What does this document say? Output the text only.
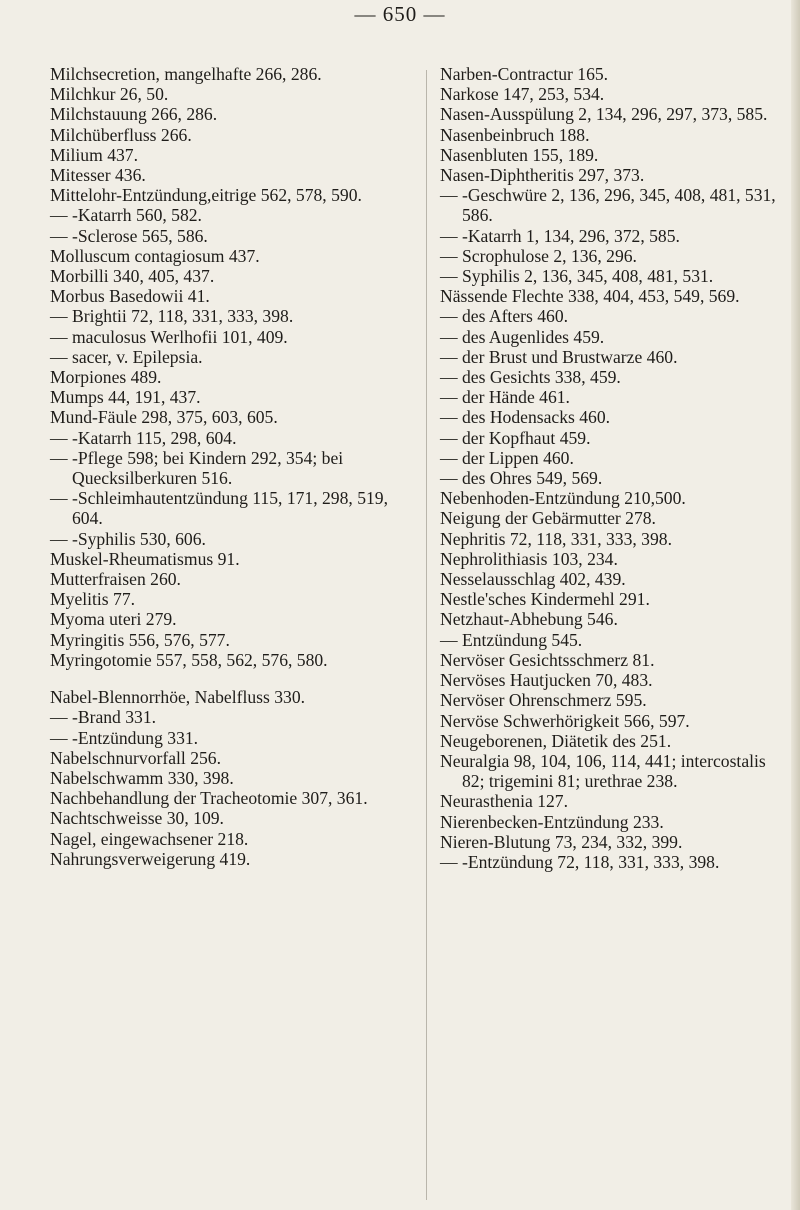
— 650 —
Milchsecretion, mangelhafte 266, 286.
Milchkur 26, 50.
Milchstauung 266, 286.
Milchüberfluss 266.
Milium 437.
Mitesser 436.
Mittelohr-Entzündung,eitrige 562, 578, 590.
— -Katarrh 560, 582.
— -Sclerose 565, 586.
Molluscum contagiosum 437.
Morbilli 340, 405, 437.
Morbus Basedowii 41.
— Brightii 72, 118, 331, 333, 398.
— maculosus Werlhofii 101, 409.
— sacer, v. Epilepsia.
Morpiones 489.
Mumps 44, 191, 437.
Mund-Fäule 298, 375, 603, 605.
— -Katarrh 115, 298, 604.
— -Pflege 598; bei Kindern 292, 354; bei Quecksilberkuren 516.
— -Schleimhautentzündung 115, 171, 298, 519, 604.
— -Syphilis 530, 606.
Muskel-Rheumatismus 91.
Mutterfraisen 260.
Myelitis 77.
Myoma uteri 279.
Myringitis 556, 576, 577.
Myringotomie 557, 558, 562, 576, 580.
Nabel-Blennorrhöe, Nabelfluss 330.
— -Brand 331.
— -Entzündung 331.
Nabelschnurvorfall 256.
Nabelschwamm 330, 398.
Nachbehandlung der Tracheotomie 307, 361.
Nachtschweisse 30, 109.
Nagel, eingewachsener 218.
Nahrungsverweigerung 419.
Narben-Contractur 165.
Narkose 147, 253, 534.
Nasen-Ausspülung 2, 134, 296, 297, 373, 585.
Nasenbeinbruch 188.
Nasenbluten 155, 189.
Nasen-Diphtheritis 297, 373.
— -Geschwüre 2, 136, 296, 345, 408, 481, 531, 586.
— -Katarrh 1, 134, 296, 372, 585.
— Scrophulose 2, 136, 296.
— Syphilis 2, 136, 345, 408, 481, 531.
Nässende Flechte 338, 404, 453, 549, 569.
— des Afters 460.
— des Augenlides 459.
— der Brust und Brustwarze 460.
— des Gesichts 338, 459.
— der Hände 461.
— des Hodensacks 460.
— der Kopfhaut 459.
— der Lippen 460.
— des Ohres 549, 569.
Nebenhoden-Entzündung 210,500.
Neigung der Gebärmutter 278.
Nephritis 72, 118, 331, 333, 398.
Nephrolithiasis 103, 234.
Nesselausschlag 402, 439.
Nestle'sches Kindermehl 291.
Netzhaut-Abhebung 546.
— Entzündung 545.
Nervöser Gesichtsschmerz 81.
Nervöses Hautjucken 70, 483.
Nervöser Ohrenschmerz 595.
Nervöse Schwerhörigkeit 566, 597.
Neugeborenen, Diätetik des 251.
Neuralgia 98, 104, 106, 114, 441; intercostalis 82; trigemini 81; urethrae 238.
Neurasthenia 127.
Nierenbecken-Entzündung 233.
Nieren-Blutung 73, 234, 332, 399.
— -Entzündung 72, 118, 331, 333, 398.
